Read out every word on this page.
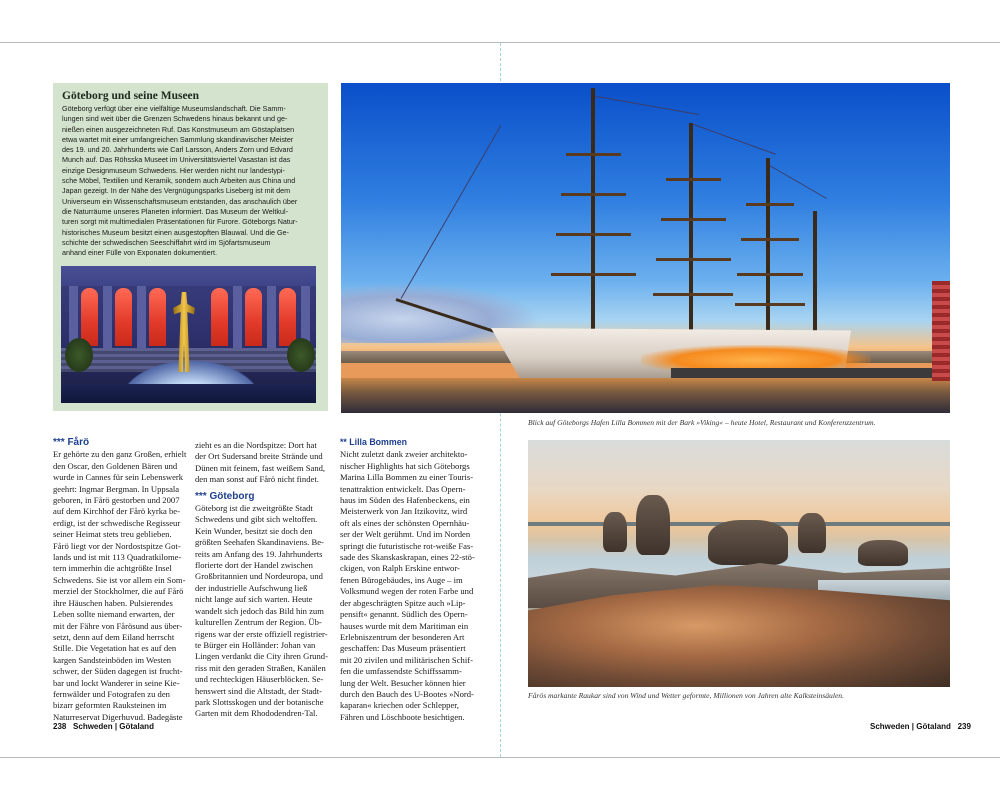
Göteborg und seine Museen

Göteborg verfügt über eine vielfältige Museumslandschaft. Die Samm-
lungen sind weit über die Grenzen Schwedens hinaus bekannt und ge-
nießen einen ausgezeichneten Ruf. Das Konstmuseum am Göstaplatsen
etwa wartet mit einer umfangreichen Sammlung skandinavischer Meister
des 19. und 20. Jahrhunderts wie Carl Larsson, Anders Zorn und Edvard
Munch auf. Das Röhsska Museet im Universitätsviertel Vasastan ist das
einzige Designmuseum Schwedens. Hier werden nicht nur landestypi-
sche Möbel, Textilien und Keramik, sondern auch Arbeiten aus China und
Japan gezeigt. In der Nähe des Vergnügungsparks Liseberg ist mit dem
Universeum ein Wissenschaftsmuseum entstanden, das anschaulich über
die Naturräume unseres Planeten informiert. Das Museum der Weltkul-
turen sorgt mit multimedialen Präsentationen für Furore. Göteborgs Natur-
historisches Museum besitzt einen ausgestopften Blauwal. Und die Ge-
schichte der schwedischen Seeschiffahrt wird im Sjöfartsmuseum
anhand einer Fülle von Exponaten dokumentiert.

Blick auf Göteborgs Hafen Lilla Bommen mit der Bark »Viking« – heute Hotel, Restaurant und Konferenzzentrum.
Fårös markante Raukar sind von Wind und Wetter geformte, Millionen von Jahren alte Kalksteinsäulen.
*** Fårö

Er gehörte zu den ganz Großen, erhielt
den Oscar, den Goldenen Bären und
wurde in Cannes für sein Lebenswerk
geehrt: Ingmar Bergman. In Uppsala
geboren, in Fårö gestorben und 2007
auf dem Kirchhof der Fårö kyrka be-
erdigt, ist der schwedische Regisseur
seiner Heimat stets treu geblieben.
Fårö liegt vor der Nordostspitze Got-
lands und ist mit 113 Quadratkilome-
tern immerhin die achtgrößte Insel
Schwedens. Sie ist vor allem ein Som-
merziel der Stockholmer, die auf Fårö
ihre Häuschen haben. Pulsierendes
Leben sollte niemand erwarten, der
mit der Fähre von Fårösund aus über-
setzt, denn auf dem Eiland herrscht
Stille. Die Vegetation hat es auf den
kargen Sandsteinböden im Westen
schwer, der Süden dagegen ist frucht-
bar und lockt Wanderer in seine Kie-
fernwälder und Fotografen zu den
bizarr geformten Rauksteinen im
Naturreservat Digerhuvud. Badegäste

zieht es an die Nordspitze: Dort hat
der Ort Sudersand breite Strände und
Dünen mit feinem, fast weißem Sand,
den man sonst auf Fårö nicht findet.

*** Göteborg

Göteborg ist die zweitgrößte Stadt
Schwedens und gibt sich weltoffen.
Kein Wunder, besitzt sie doch den
größten Seehafen Skandinaviens. Be-
reits am Anfang des 19. Jahrhunderts
florierte dort der Handel zwischen
Großbritannien und Nordeuropa, und
der industrielle Aufschwung ließ
nicht lange auf sich warten. Heute
wandelt sich jedoch das Bild hin zum
kulturellen Zentrum der Region. Üb-
rigens war der erste offiziell registrier-
te Bürger ein Holländer: Johan van
Lingen verdankt die City ihren Grund-
riss mit den geraden Straßen, Kanälen
und rechteckigen Häuserblöcken. Se-
henswert sind die Altstadt, der Stadt-
park Slottsskogen und der botanische
Garten mit dem Rhododendren-Tal.

** Lilla Bommen

Nicht zuletzt dank zweier architekto-
nischer Highlights hat sich Göteborgs
Marina Lilla Bommen zu einer Touris-
tenattraktion entwickelt. Das Opern-
haus im Süden des Hafenbeckens, ein
Meisterwerk von Jan Itzikovitz, wird
oft als eines der schönsten Opernhäu-
ser der Welt gerühmt. Und im Norden
springt die futuristische rot-weiße Fas-
sade des Skanskaskrapan, eines 22-stö-
ckigen, von Ralph Erskine entwor-
fenen Bürogebäudes, ins Auge – im
Volksmund wegen der roten Farbe und
der abgeschrägten Spitze auch »Lip-
pensift« genannt. Südlich des Opern-
hauses wurde mit dem Maritiman ein
Erlebniszentrum der besonderen Art
geschaffen: Das Museum präsentiert
mit 20 zivilen und militärischen Schif-
fen die umfassendste Schiffssamm-
lung der Welt. Besucher können hier
durch den Bauch des U-Bootes »Nord-
kaparan« kriechen oder Schlepper,
Fähren und Löschboote besichtigen.

238 Schweden | Götaland	Schweden | Götaland 239
